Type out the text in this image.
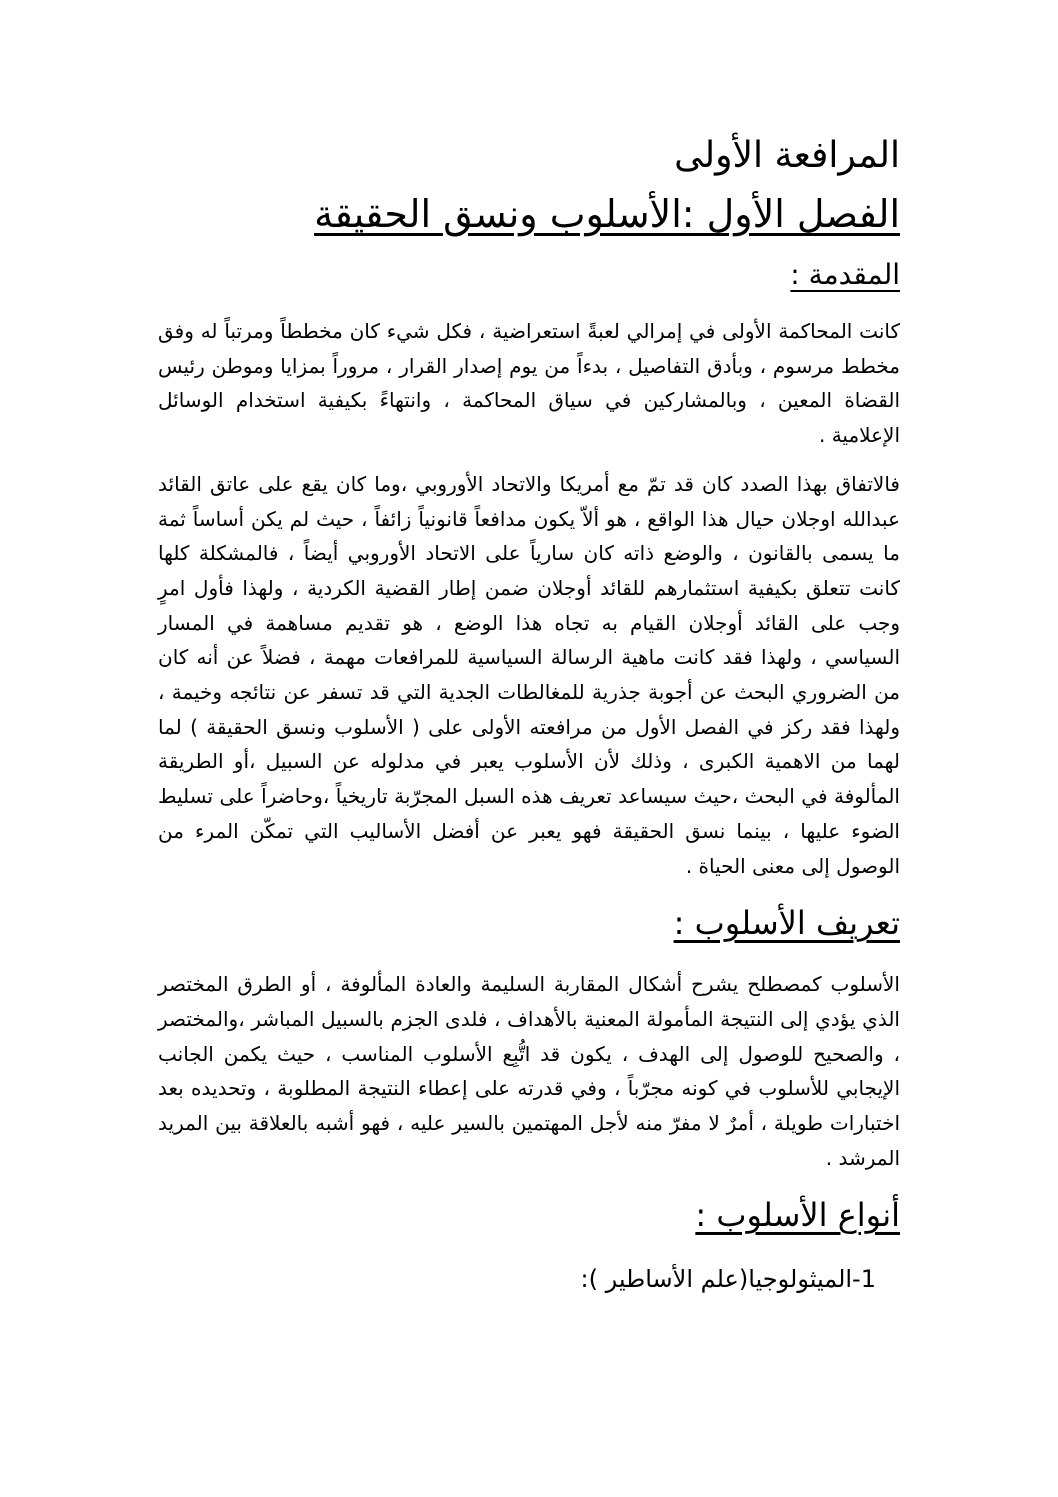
المرافعة الأولى
الفصل الأول :الأسلوب ونسق الحقيقة
المقدمة :

كانت المحاكمة الأولى في إمرالي لعبةً استعراضية ، فكل شيء كان مخططاً ومرتباً له وفق مخطط مرسوم ، وبأدق التفاصيل ، بدءاً من يوم إصدار القرار ، مروراً بمزايا وموطن رئيس القضاة المعين ، وبالمشاركين في سياق المحاكمة ، وانتهاءً بكيفية استخدام الوسائل الإعلامية .

فالاتفاق بهذا الصدد كان قد تمّ مع أمريكا والاتحاد الأوروبي ،وما كان يقع على عاتق القائد عبدالله اوجلان حيال هذا الواقع ، هو ألاّ يكون مدافعاً قانونياً زائفاً ، حيث لم يكن أساساً ثمة ما يسمى بالقانون ، والوضع ذاته كان سارياً على الاتحاد الأوروبي أيضاً ، فالمشكلة كلها كانت تتعلق بكيفية استثمارهم للقائد أوجلان ضمن إطار القضية الكردية ، ولهذا فأول امرٍ وجب على القائد أوجلان القيام به تجاه هذا الوضع ، هو تقديم مساهمة في المسار السياسي ، ولهذا فقد كانت ماهية الرسالة السياسية للمرافعات مهمة ، فضلاً عن أنه كان من الضروري البحث عن أجوبة جذرية للمغالطات الجدية التي قد تسفر عن نتائجه وخيمة ، ولهذا فقد ركز في الفصل الأول من مرافعته الأولى على ( الأسلوب ونسق الحقيقة ) لما لهما من الاهمية الكبرى ، وذلك لأن الأسلوب يعبر في مدلوله عن السبيل ،أو الطريقة المألوفة في البحث ،حيث سيساعد تعريف هذه السبل المجرّبة تاريخياً ،وحاضراً على تسليط الضوء عليها ، بينما نسق الحقيقة فهو يعبر عن أفضل الأساليب التي تمكّن المرء من الوصول إلى معنى الحياة .

تعريف الأسلوب :

الأسلوب كمصطلح يشرح أشكال المقاربة السليمة والعادة المألوفة ، أو الطرق المختصر الذي يؤدي إلى النتيجة المأمولة المعنية بالأهداف ، فلدى الجزم بالسبيل المباشر ،والمختصر ، والصحيح للوصول إلى الهدف ، يكون قد اتُّبِع الأسلوب المناسب ، حيث يكمن الجانب الإيجابي للأسلوب في كونه مجرّباً ، وفي قدرته على إعطاء النتيجة المطلوبة ، وتحديده بعد اختبارات طويلة ، أمرٌ لا مفرّ منه لأجل المهتمين بالسير عليه ، فهو أشبه بالعلاقة بين المريد المرشد .

أنواع الأسلوب :
1-الميثولوجيا(علم الأساطير ):
